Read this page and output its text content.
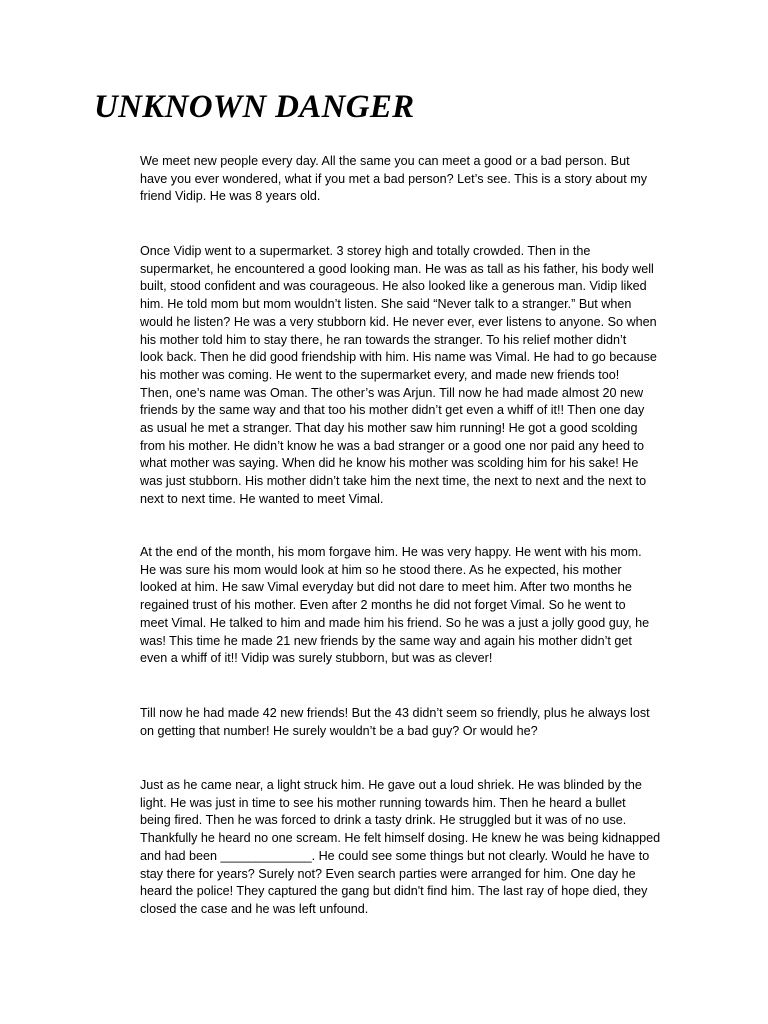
UNKNOWN DANGER
We meet new people every day. All the same you can meet a good or a bad person. But
have you ever wondered, what if you met a bad person? Let’s see. This is a story about my
friend Vidip. He was 8 years old.
Once Vidip went to a supermarket. 3 storey high and totally crowded. Then in the
supermarket, he encountered a good looking man. He was as tall as his father, his body well
built, stood confident and was courageous. He also looked like a generous man. Vidip liked
him. He told mom but mom wouldn’t listen. She said “Never talk to a stranger.” But when
would he listen? He was a very stubborn kid. He never ever, ever listens to anyone. So when
his mother told him to stay there, he ran towards the stranger. To his relief mother didn’t
look back. Then he did good friendship with him. His name was Vimal. He had to go because
his mother was coming. He went to the supermarket every, and made new friends too!
Then, one’s name was Oman. The other’s was Arjun. Till now he had made almost 20 new
friends by the same way and that too his mother didn’t get even a whiff of it!! Then one day
as usual he met a stranger. That day his mother saw him running! He got a good scolding
from his mother. He didn’t know he was a bad stranger or a good one nor paid any heed to
what mother was saying. When did he know his mother was scolding him for his sake! He
was just stubborn. His mother didn’t take him the next time, the next to next and the next to
next to next time. He wanted to meet Vimal.
At the end of the month, his mom forgave him. He was very happy. He went with his mom.
He was sure his mom would look at him so he stood there. As he expected, his mother
looked at him. He saw Vimal everyday but did not dare to meet him. After two months he
regained trust of his mother. Even after 2 months he did not forget Vimal. So he went to
meet Vimal. He talked to him and made him his friend. So he was a just a jolly good guy, he
was! This time he made 21 new friends by the same way and again his mother didn’t get
even a whiff of it!! Vidip was surely stubborn, but was as clever!
Till now he had made 42 new friends! But the 43 didn’t seem so friendly, plus he always lost
on getting that number! He surely wouldn’t be a bad guy? Or would he?
Just as he came near, a light struck him. He gave out a loud shriek. He was blinded by the
light. He was just in time to see his mother running towards him. Then he heard a bullet
being fired. Then he was forced to drink a tasty drink. He struggled but it was of no use.
Thankfully he heard no one scream. He felt himself dosing. He knew he was being kidnapped
and had been _____________. He could see some things but not clearly. Would he have to
stay there for years? Surely not? Even search parties were arranged for him. One day he
heard the police! They captured the gang but didn't find him. The last ray of hope died, they
closed the case and he was left unfound.
